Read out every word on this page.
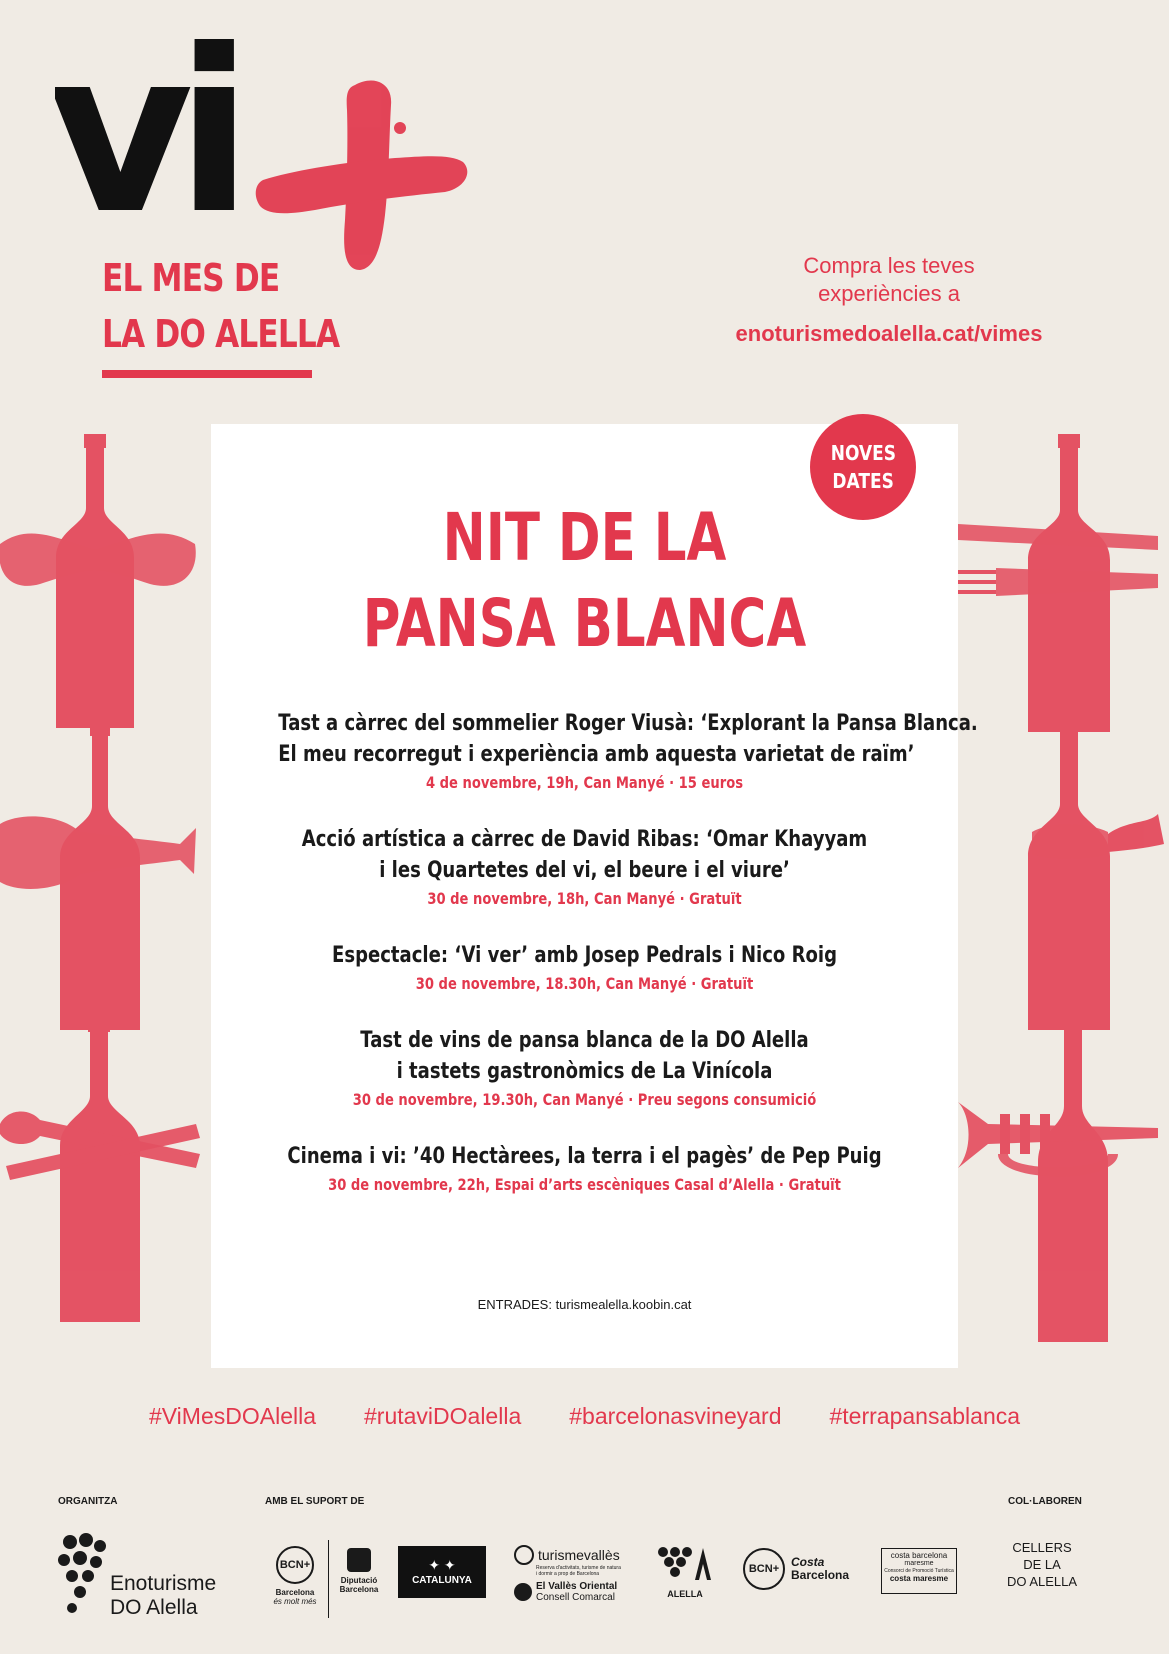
vi
EL MES DE
LA DO ALELLA
Compra les teves
experiències a
enoturismedoalella.cat/vimes
NOVES
DATES
NIT DE LA
PANSA BLANCA
Tast a càrrec del sommelier Roger Viusà: ‘Explorant la Pansa Blanca.
El meu recorregut i experiència amb aquesta varietat de raïm’
4 de novembre, 19h, Can Manyé · 15 euros
Acció artística a càrrec de David Ribas: ‘Omar Khayyam
i les Quartetes del vi, el beure i el viure’
30 de novembre, 18h, Can Manyé · Gratuït
Espectacle: ‘Vi ver’ amb Josep Pedrals i Nico Roig
30 de novembre, 18.30h, Can Manyé · Gratuït
Tast de vins de pansa blanca de la DO Alella
i tastets gastronòmics de La Vinícola
30 de novembre, 19.30h, Can Manyé · Preu segons consumició
Cinema i vi: ’40 Hectàrees, la terra i el pagès’ de Pep Puig
30 de novembre, 22h, Espai d’arts escèniques Casal d’Alella · Gratuït
ENTRADES: turismealella.koobin.cat
#ViMesDOAlella #rutaviDOalella #barcelonasvineyard #terrapansablanca
ORGANITZA	AMB EL SUPORT DE	COL·LABOREN
Enoturisme
DO Alella
BCN+
Barcelona
és molt més
Diputació
Barcelona
✦ ✦
CATALUNYA
turismevallès
Reserva d'activitats, turisme de natura
i dormir a prop de Barcelona
El Vallès Oriental
Consell Comarcal	ALELLA
BCN+ Costa
Barcelona
costa barcelona
maresme
Consorci de Promoció Turística
costa maresme
CELLERS
DE LA
DO ALELLA
